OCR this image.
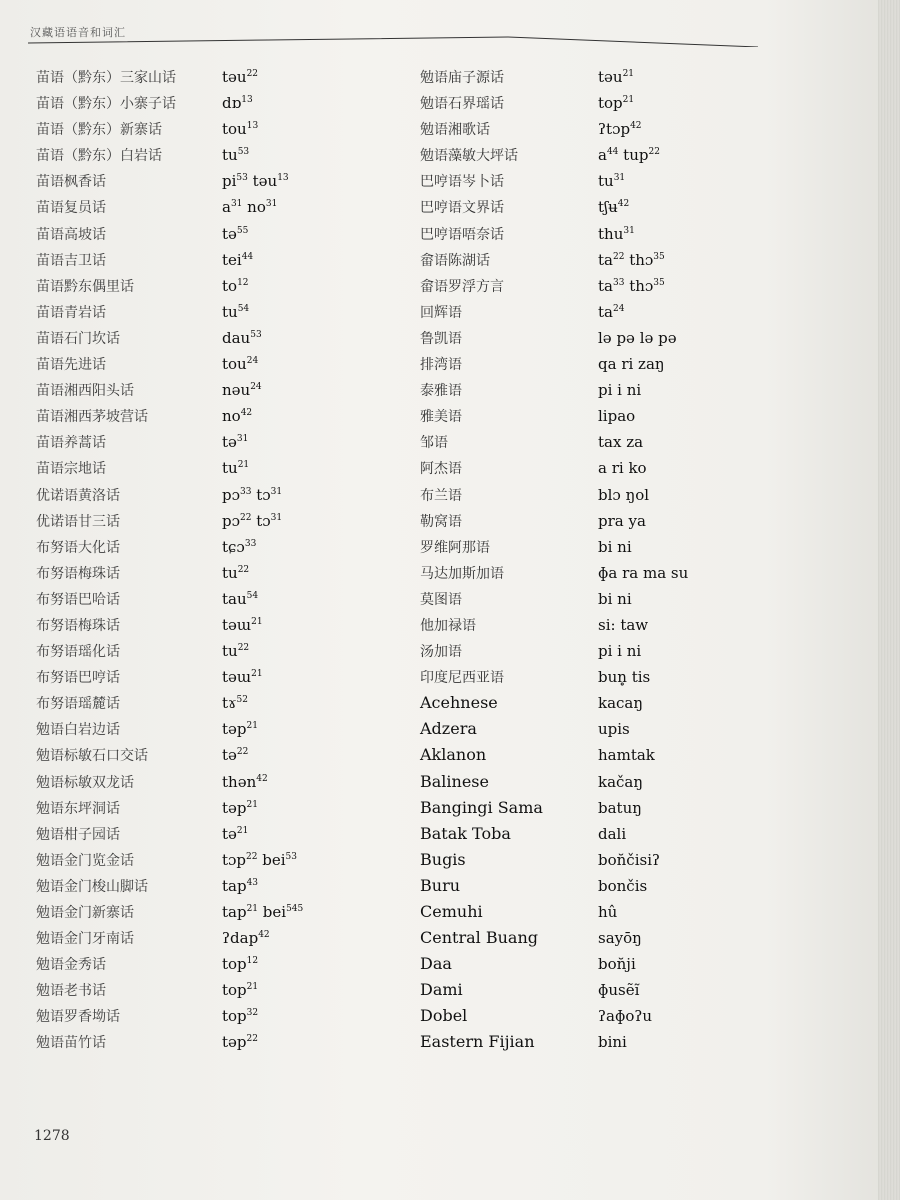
汉藏语语音和词汇
苗语（黔东）三家山话	təu$^{22}$
苗语（黔东）小寨子话	dɒ$^{13}$
苗语（黔东）新寨话	tou$^{13}$
苗语（黔东）白岩话	$tu^{53}$
苗语枫香话	$pi^{53}$ təu$^{13}$
苗语复员话	$a^{31}$ $no^{31}$
苗语高坡话	tə$^{55}$
苗语吉卫话	tei$^{44}$
苗语黔东偶里话	$to^{12}$
苗语青岩话	$tu^{54}$
苗语石门坎话	dau$^{53}$
苗语先进话	tou$^{24}$
苗语湘西阳头话	nəu$^{24}$
苗语湘西茅坡营话	$no^{42}$
苗语养蒿话	tə$^{31}$
苗语宗地话	$tu^{21}$
优诺语黄洛话	pɔ$^{33}$ tɔ$^{31}$
优诺语甘三话	pɔ$^{22}$ tɔ$^{31}$
布努语大化话	tɕɔ$^{33}$
布努语梅珠话	$tu^{22}$
布努语巴哈话	tau$^{54}$
布努语梅珠话	təɯ$^{21}$
布努语瑶化话	$tu^{22}$
布努语巴哼话	təɯ$^{21}$
布努语瑶麓话	tɤ$^{52}$
勉语白岩边话	təp$^{21}$
勉语标敏石口交话	tə$^{22}$
勉语标敏双龙话	thən$^{42}$
勉语东坪洞话	təp$^{21}$
勉语柑子园话	tə$^{21}$
勉语金门览金话	tɔp$^{22}$ bei$^{53}$
勉语金门梭山脚话	tap$^{43}$
勉语金门新寨话	tap$^{21}$ bei$^{545}$
勉语金门牙南话	ʔdap$^{42}$
勉语金秀话	top$^{12}$
勉语老书话	top$^{21}$
勉语罗香坳话	top$^{32}$
勉语苗竹话	təp$^{22}$
勉语庙子源话	təu$^{21}$
勉语石界瑶话	top$^{21}$
勉语湘歌话	ʔtɔp$^{42}$
勉语藻敏大坪话	$a^{44}$ tup$^{22}$
巴哼语岑卜话	$tu^{31}$
巴哼语文界话	tʃʉ$^{42}$
巴哼语唔奈话	thu$^{31}$
畲语陈湖话	$ta^{22}$ thɔ$^{35}$
畲语罗浮方言	$ta^{33}$ thɔ$^{35}$
回辉语	$ta^{24}$
鲁凯语	lə pə lə pə
排湾语	qa ri zaŋ
泰雅语	pi i ni
雅美语	lipao
邹语	tax za
阿杰语	a ri ko
布兰语	blɔ ŋol
勒窝语	pra ya
罗维阿那语	bi ni
马达加斯加语	ɸa ra ma su
莫图语	bi ni
他加禄语	si: taw
汤加语	pi i ni
印度尼西亚语	bun̥ tis
Acehnese	kacaŋ
Adzera	upis
Aklanon	hamtak
Balinese	kačaŋ
Bangingi Sama	batuŋ
Batak Toba	dali
Bugis	bon̆čisiʔ
Buru	bončis
Cemuhi	hû
Central Buang	sayōŋ
Daa	bon̆ji
Dami	ɸusẽĩ
Dobel	ʔaɸoʔu
Eastern Fijian	bini
1278
